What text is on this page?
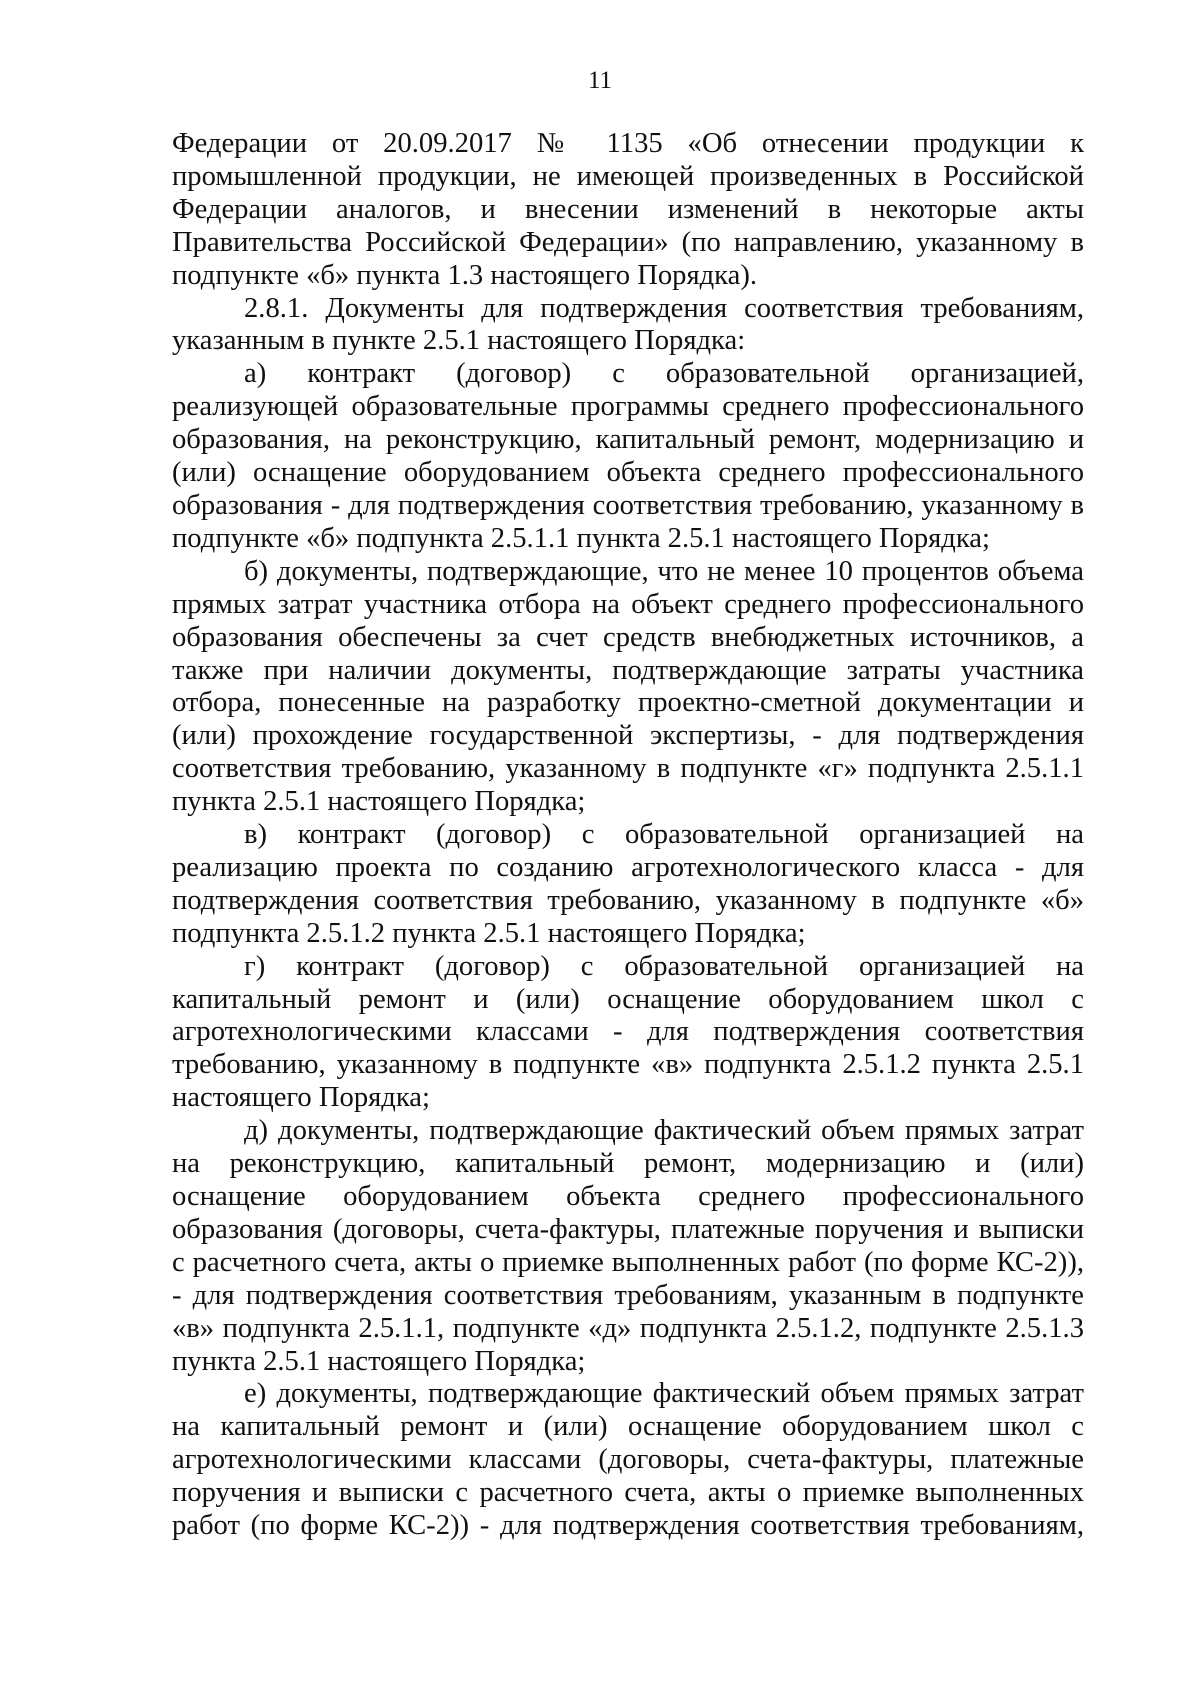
11

Федерации от 20.09.2017 № 1135 «Об отнесении продукции к промышленной продукции, не имеющей произведенных в Российской Федерации аналогов, и внесении изменений в некоторые акты Правительства Российской Федерации» (по направлению, указанному в подпункте «б» пункта 1.3 настоящего Порядка).

2.8.1. Документы для подтверждения соответствия требованиям, указанным в пункте 2.5.1 настоящего Порядка:

а) контракт (договор) с образовательной организацией, реализующей образовательные программы среднего профессионального образования, на реконструкцию, капитальный ремонт, модернизацию и (или) оснащение оборудованием объекта среднего профессионального образования - для подтверждения соответствия требованию, указанному в подпункте «б» подпункта 2.5.1.1 пункта 2.5.1 настоящего Порядка;

б) документы, подтверждающие, что не менее 10 процентов объема прямых затрат участника отбора на объект среднего профессионального образования обеспечены за счет средств внебюджетных источников, а также при наличии документы, подтверждающие затраты участника отбора, понесенные на разработку проектно-сметной документации и (или) прохождение государственной экспертизы, - для подтверждения соответствия требованию, указанному в подпункте «г» подпункта 2.5.1.1 пункта 2.5.1 настоящего Порядка;

в) контракт (договор) с образовательной организацией на реализацию проекта по созданию агротехнологического класса - для подтверждения соответствия требованию, указанному в подпункте «б» подпункта 2.5.1.2 пункта 2.5.1 настоящего Порядка;

г) контракт (договор) с образовательной организацией на капитальный ремонт и (или) оснащение оборудованием школ с агротехнологическими классами - для подтверждения соответствия требованию, указанному в подпункте «в» подпункта 2.5.1.2 пункта 2.5.1 настоящего Порядка;

д) документы, подтверждающие фактический объем прямых затрат на реконструкцию, капитальный ремонт, модернизацию и (или) оснащение оборудованием объекта среднего профессионального образования (договоры, счета-фактуры, платежные поручения и выписки с расчетного счета, акты о приемке выполненных работ (по форме КС-2)), - для подтверждения соответствия требованиям, указанным в подпункте «в» подпункта 2.5.1.1, подпункте «д» подпункта 2.5.1.2, подпункте 2.5.1.3 пункта 2.5.1 настоящего Порядка;

е) документы, подтверждающие фактический объем прямых затрат на капитальный ремонт и (или) оснащение оборудованием школ с агротехнологическими классами (договоры, счета-фактуры, платежные поручения и выписки с расчетного счета, акты о приемке выполненных работ (по форме КС-2)) - для подтверждения соответствия требованиям,
